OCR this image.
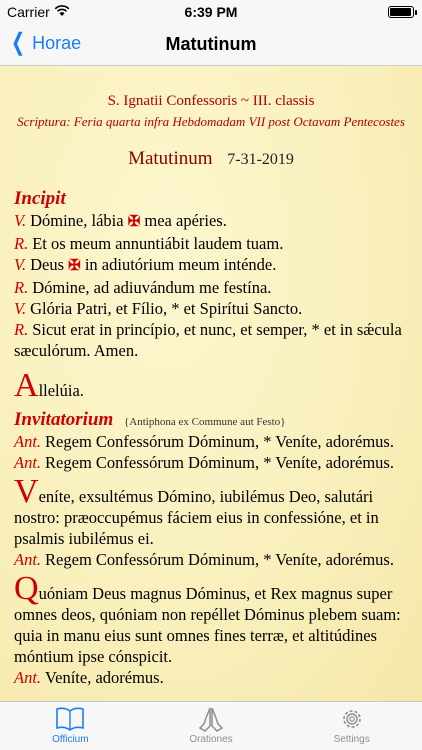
Carrier	6:39 PM
❮ Horae	Matutinum
S. Ignatii Confessoris ~ III. classis
Scriptura: Feria quarta infra Hebdomadam VII post Octavam Pentecostes
Matutinum 7-31-2019
Incipit
V. Dómine, lábia ✠ mea apéries.
R. Et os meum annuntiábit laudem tuam.
V. Deus ✠ in adiutórium meum inténde.
R. Dómine, ad adiuvándum me festína.
V. Glória Patri, et Fílio, * et Spirítui Sancto.
R. Sicut erat in princípio, et nunc, et semper, * et in sǽcula sæculórum. Amen.
Allelúia.
Invitatorium {Antiphona ex Commune aut Festo}
Ant. Regem Confessórum Dóminum, * Veníte, adorémus.
Ant. Regem Confessórum Dóminum, * Veníte, adorémus.
Veníte, exsultémus Dómino, iubilémus Deo, salutári nostro: præoccupémus fáciem eius in confessióne, et in psalmis iubilémus ei.
Ant. Regem Confessórum Dóminum, * Veníte, adorémus.
Quóniam Deus magnus Dóminus, et Rex magnus super omnes deos, quóniam non repéllet Dóminus plebem suam: quia in manu eius sunt omnes fines terræ, et altitúdines móntium ipse cónspicit.
Ant. Veníte, adorémus.
Officium	Orationes	Settings
